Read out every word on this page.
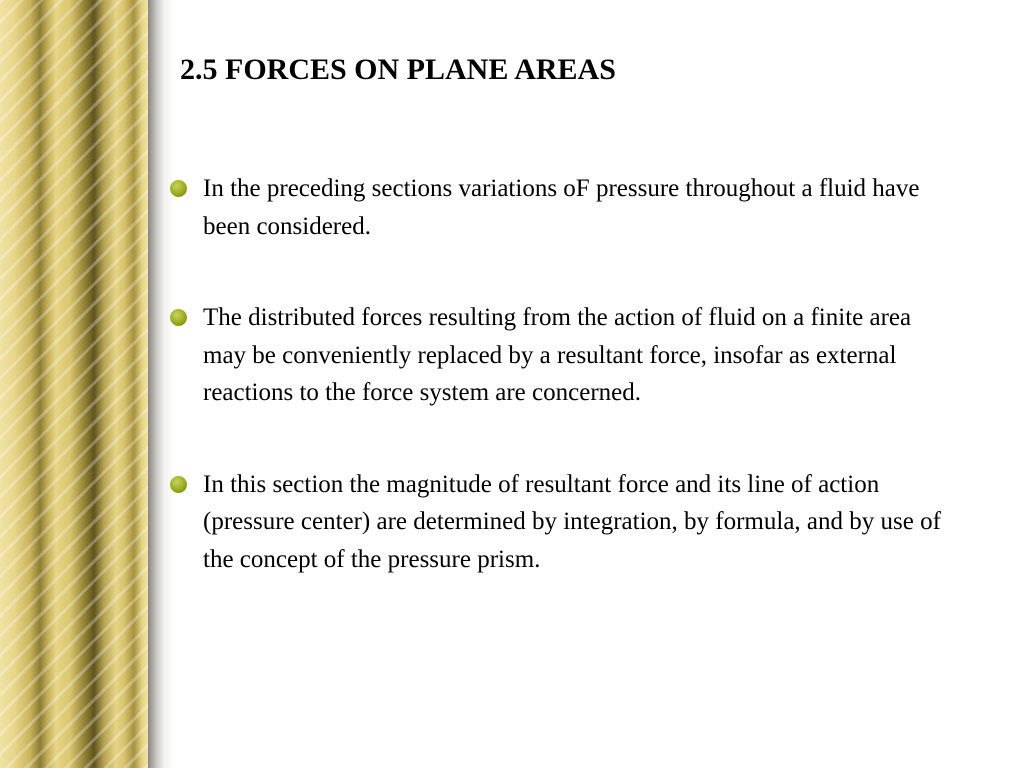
2.5 FORCES ON PLANE AREAS
In the preceding sections variations oF pressure throughout a fluid have been considered.
The distributed forces resulting from the action of fluid on a finite area may be conveniently replaced by a resultant force, insofar as external reactions to the force system are concerned.
In this section the magnitude of resultant force and its line of action (pressure center) are determined by integration, by formula, and by use of the concept of the pressure prism.
